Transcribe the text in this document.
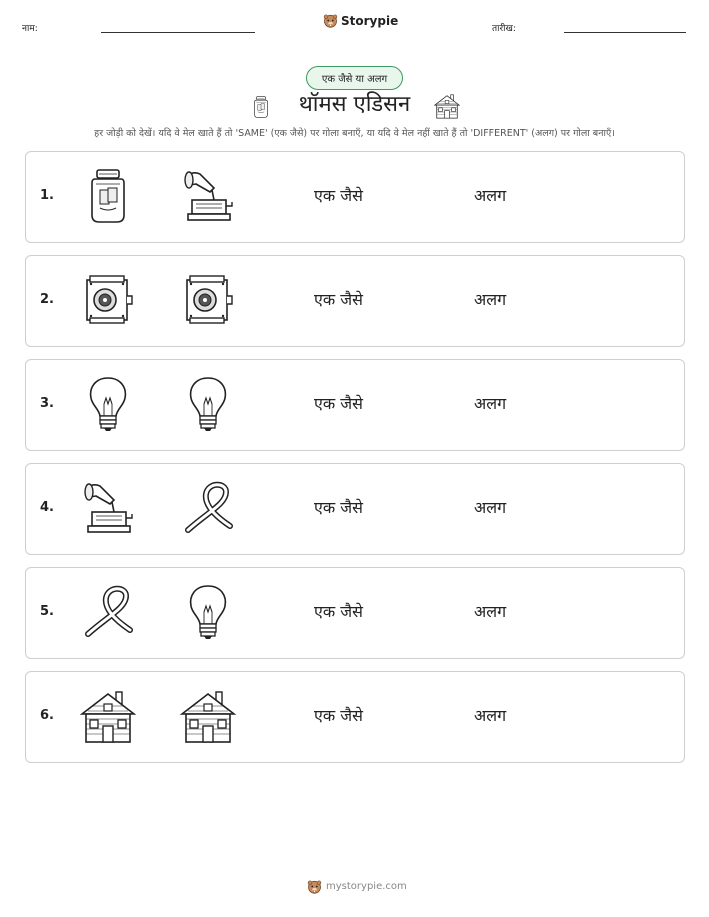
नाम:
Storypie
तारीख:
एक जैसे या अलग
थॉमस एडिसन
हर जोड़ी को देखें। यदि वे मेल खाते हैं तो 'SAME' (एक जैसे) पर गोला बनाएँ, या यदि वे मेल नहीं खाते हैं तो 'DIFFERENT' (अलग) पर गोला बनाएँ।
1.	एक जैसे	अलग
2.	एक जैसे	अलग
3.	एक जैसे	अलग
4.	एक जैसे	अलग
5.	एक जैसे	अलग
6.	एक जैसे	अलग
mystorypie.com
